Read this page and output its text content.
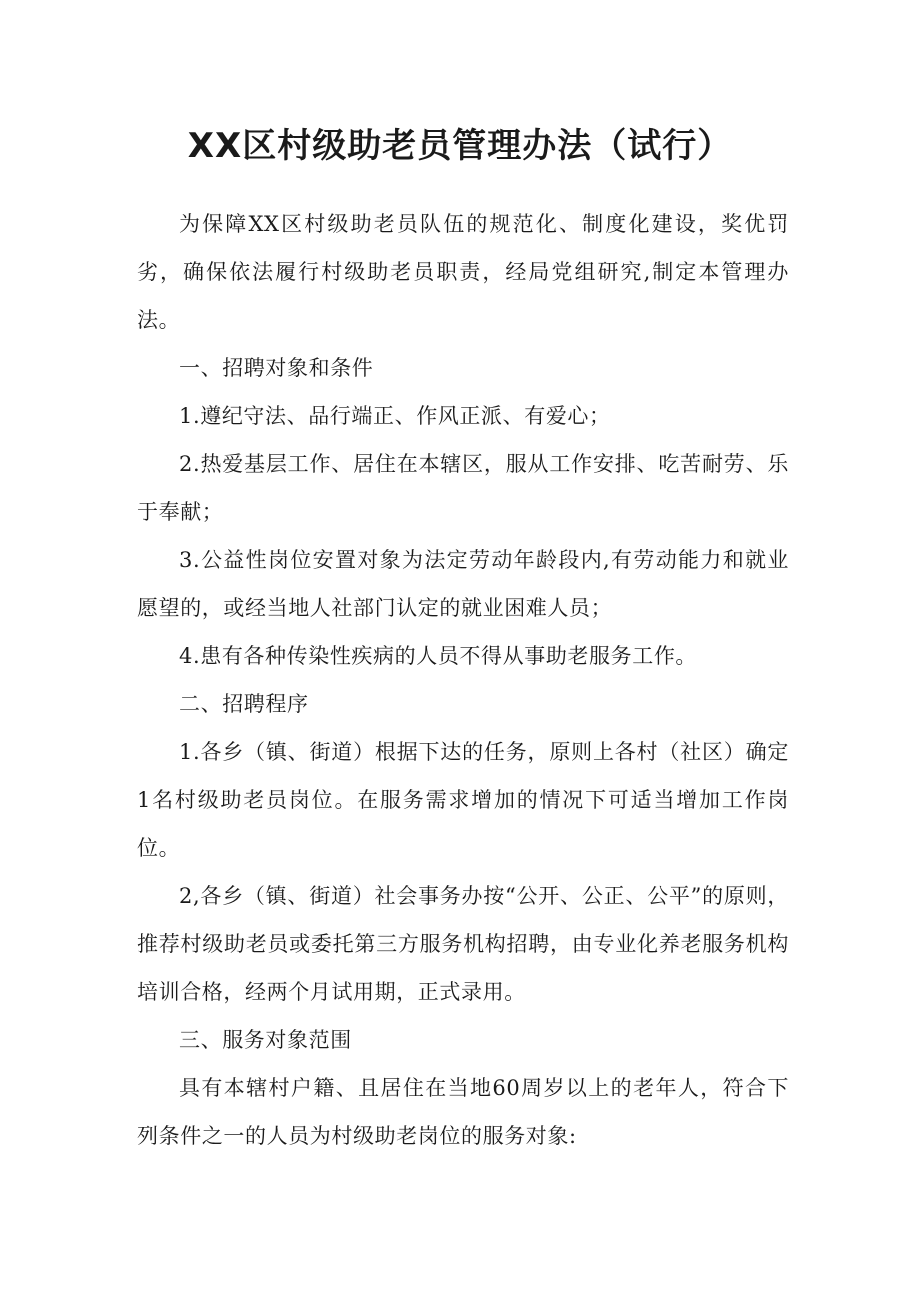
XX区村级助老员管理办法（试行）

为保障XX区村级助老员队伍的规范化、制度化建设，奖优罚劣，确保依法履行村级助老员职责，经局党组研究,制定本管理办法。

一、招聘对象和条件

1.遵纪守法、品行端正、作风正派、有爱心；

2.热爱基层工作、居住在本辖区，服从工作安排、吃苦耐劳、乐于奉献；

3.公益性岗位安置对象为法定劳动年龄段内,有劳动能力和就业愿望的，或经当地人社部门认定的就业困难人员；

4.患有各种传染性疾病的人员不得从事助老服务工作。

二、招聘程序

1.各乡（镇、街道）根据下达的任务，原则上各村（社区）确定1名村级助老员岗位。在服务需求增加的情况下可适当增加工作岗位。

2,各乡（镇、街道）社会事务办按“公开、公正、公平”的原则，推荐村级助老员或委托第三方服务机构招聘，由专业化养老服务机构培训合格，经两个月试用期，正式录用。

三、服务对象范围

具有本辖村户籍、且居住在当地60周岁以上的老年人，符合下列条件之一的人员为村级助老岗位的服务对象:
